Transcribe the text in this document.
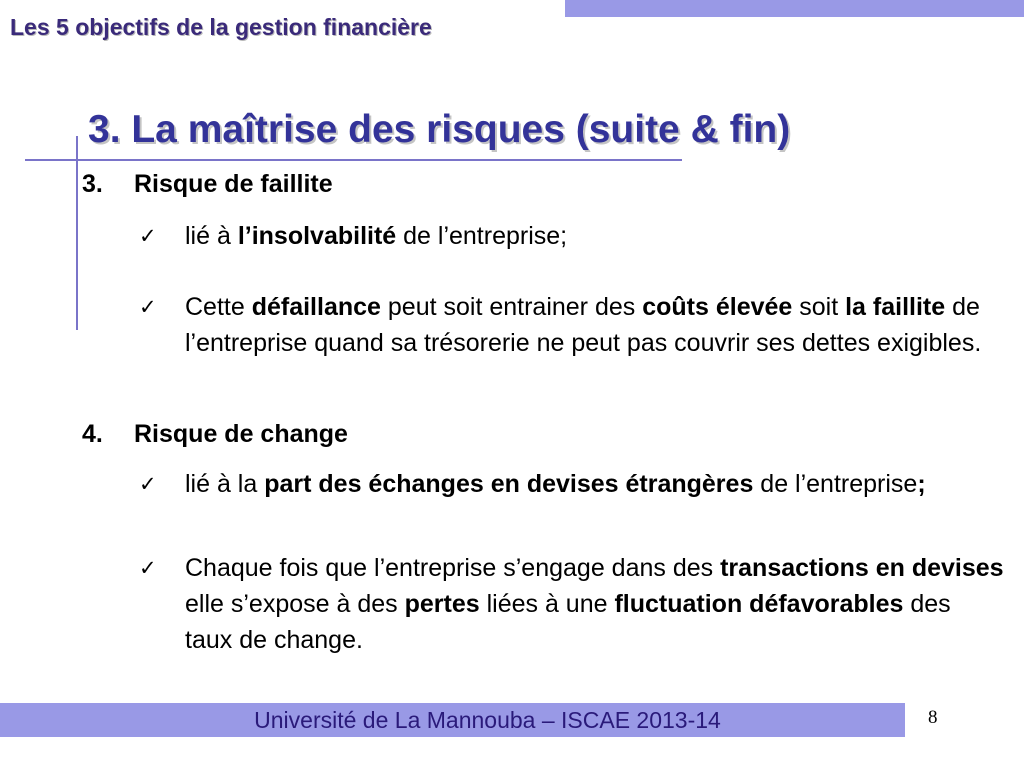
Les 5 objectifs de la gestion financière
3. La maîtrise des risques (suite & fin)
3. Risque de faillite
✓ lié à l’insolvabilité de l’entreprise;
✓ Cette défaillance peut soit entrainer des coûts élevée soit la faillite de l’entreprise quand sa trésorerie ne peut pas couvrir ses dettes exigibles.
4. Risque de change
✓ lié à la part des échanges en devises étrangères de l’entreprise;
✓ Chaque fois que l’entreprise s’engage dans des transactions en devises elle s’expose à des pertes liées à une fluctuation défavorables des taux de change.
Université de La Mannouba – ISCAE 2013-14	8
